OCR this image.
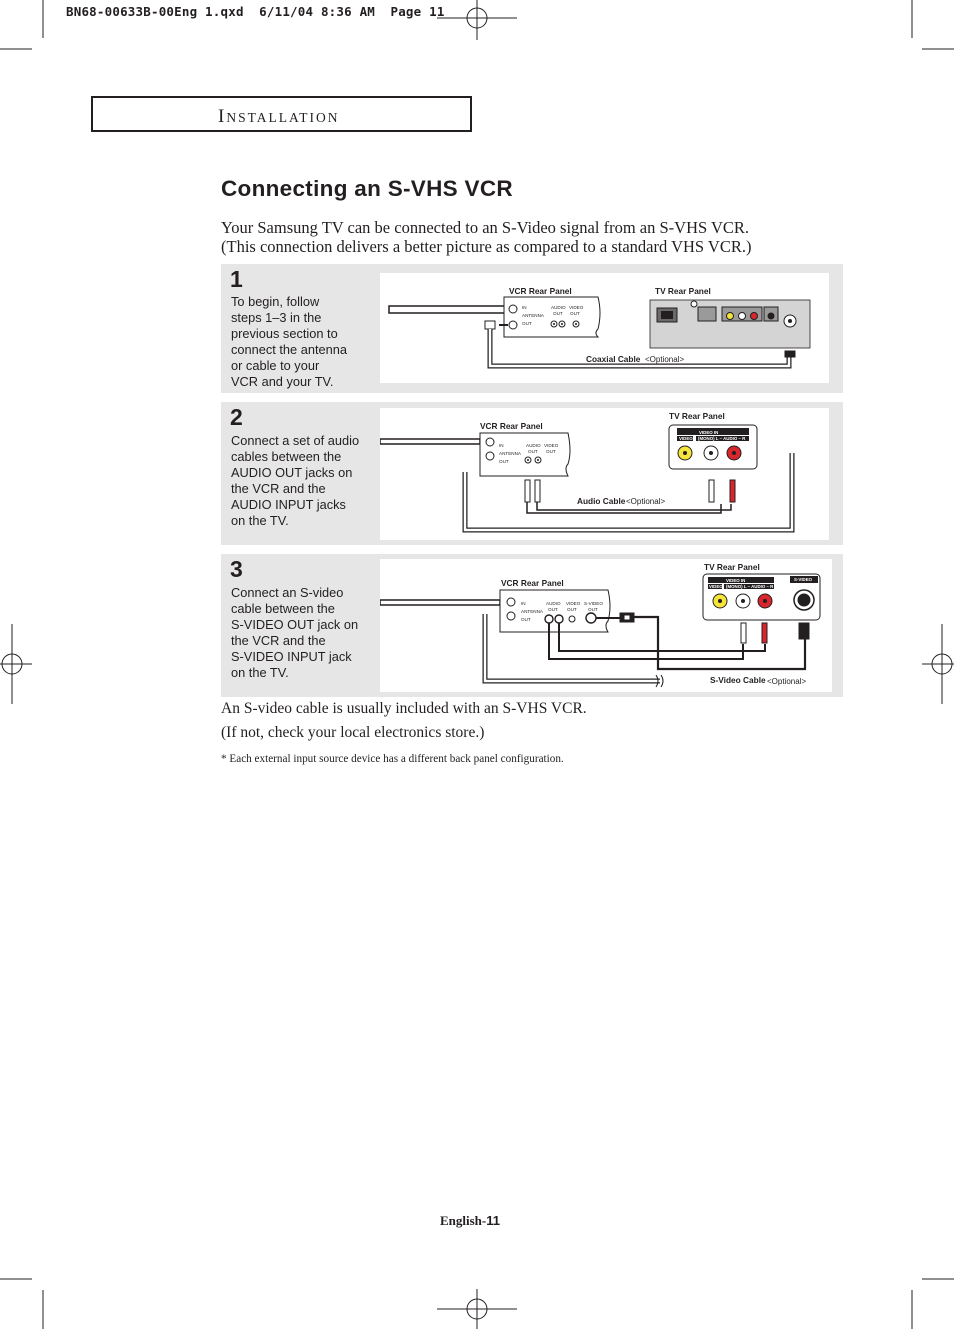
BN68-00633B-00Eng 1.qxd  6/11/04 8:36 AM  Page 11
INSTALLATION
Connecting an S-VHS VCR
Your Samsung TV can be connected to an S-Video signal from an S-VHS VCR.
(This connection delivers a better picture as compared to a standard VHS VCR.)
1
To begin, follow
steps 1–3 in the
previous section to
connect the antenna
or cable to your
VCR and your TV.
VCR Rear Panel	TV Rear Panel
IN
ANTENNA
OUT
AUDIO
OUT
VIDEO
OUT
Coaxial Cable <Optional>
2
Connect a set of audio
cables between the
AUDIO OUT jacks on
the VCR and the
AUDIO INPUT jacks
on the TV.
VCR Rear Panel
TV Rear Panel
IN
ANTENNA
OUT
AUDIO
OUT
VIDEO
OUT
Audio Cable <Optional>
VIDEO IN
VIDEO (MONO) L – AUDIO – R
3
Connect an S-video
cable between the
S-VIDEO OUT jack on
the VCR and the
S-VIDEO INPUT jack
on the TV.
VCR Rear Panel
TV Rear Panel
IN
ANTENNA
OUT
AUDIO
OUT
VIDEO
OUT
S-VIDEO
OUT
S-Video Cable <Optional>
VIDEO IN
VIDEO (MONO) L – AUDIO – R
S-VIDEO
An S-video cable is usually included with an S-VHS VCR.
(If not, check your local electronics store.)
* Each external input source device has a different back panel configuration.
English-11
